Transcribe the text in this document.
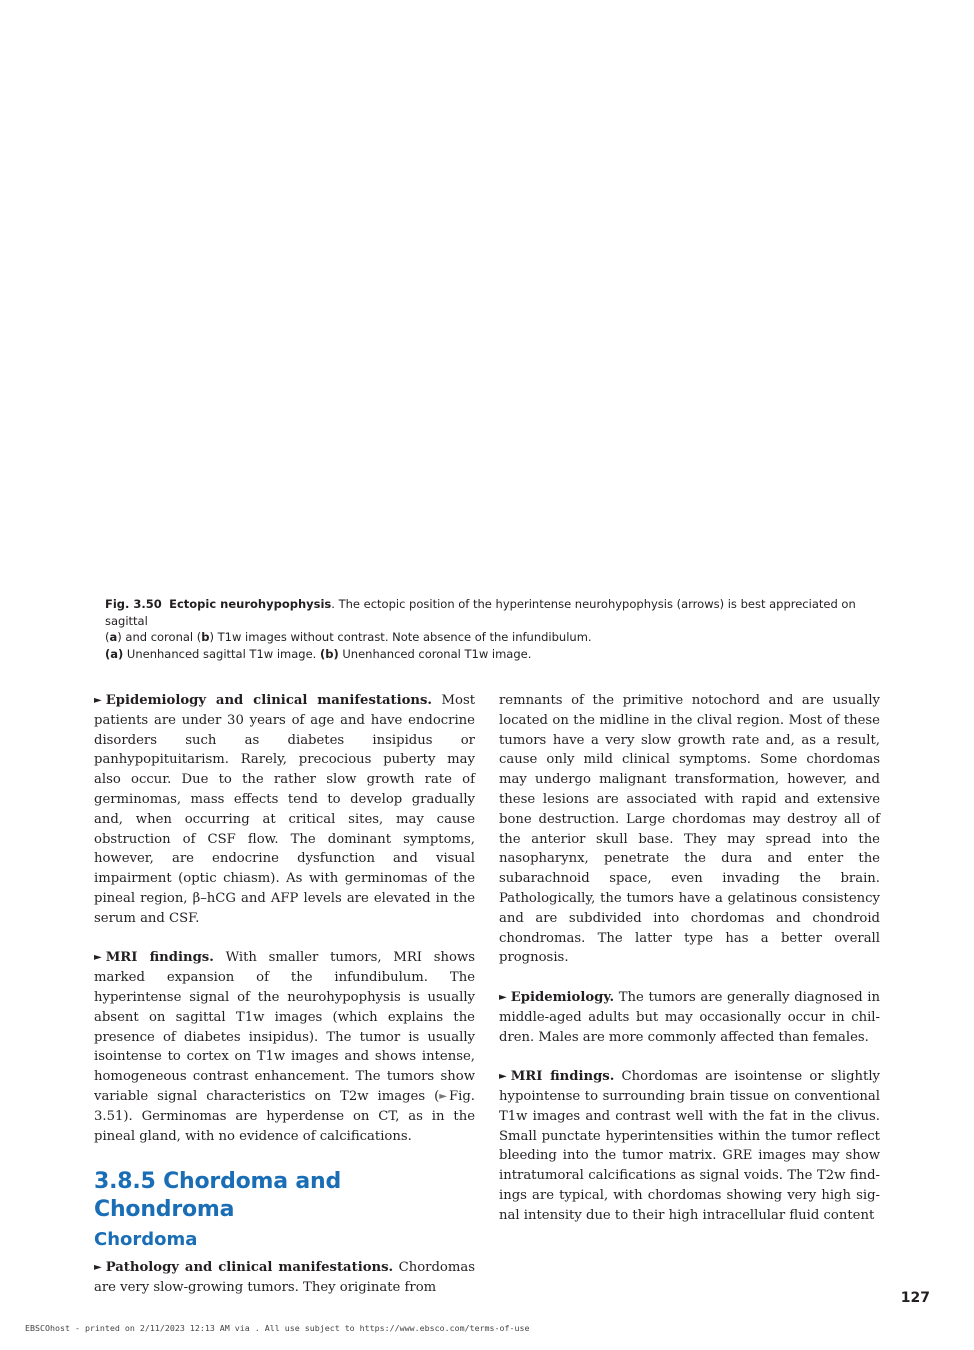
Fig. 3.50 Ectopic neurohypophysis. The ectopic position of the hyperintense neurohypophysis (arrows) is best appreciated on sagittal

(a) and coronal (b) T1w images without contrast. Note absence of the infundibulum.

(a) Unenhanced sagittal T1w image. (b) Unenhanced coronal T1w image.

► Epidemiology and clinical manifestations. Most patients are under 30 years of age and have endocrine disorders such as diabetes insipidus or panhypopituitarism. Rarely, precocious puberty may also occur. Due to the rather slow growth rate of germinomas, mass effects tend to develop gradually and, when occurring at critical sites, may cause obstruction of CSF flow. The dominant symptoms, however, are endocrine dysfunction and visual impairment (optic chiasm). As with germinomas of the pineal region, β–hCG and AFP levels are elevated in the serum and CSF.

► MRI findings. With smaller tumors, MRI shows marked expansion of the infundibulum. The hyperintense signal of the neurohypophysis is usually absent on sagittal T1w images (which explains the presence of diabetes insipidus). The tumor is usually isointense to cortex on T1w images and shows intense, homogeneous contrast enhancement. The tumors show variable signal characteristics on T2w images (► Fig. 3.51). Germinomas are hyperdense on CT, as in the pineal gland, with no evidence of calcifications.

3.8.5 Chordoma and Chondroma
Chordoma

► Pathology and clinical manifestations. Chordomas are very slow-growing tumors. They originate from

remnants of the primitive notochord and are usually located on the midline in the clival region. Most of these tumors have a very slow growth rate and, as a result, cause only mild clinical symptoms. Some chordomas may undergo malignant transformation, however, and these lesions are associated with rapid and extensive bone destruction. Large chordomas may destroy all of the anterior skull base. They may spread into the nasopharynx, penetrate the dura and enter the subarachnoid space, even invading the brain. Pathologically, the tumors have a gelatinous consistency and are subdivided into chordomas and chondroid chondromas. The latter type has a better overall prognosis.

► Epidemiology. The tumors are generally diagnosed in middle-aged adults but may occasionally occur in children. Males are more commonly affected than females.

► MRI findings. Chordomas are isointense or slightly hypointense to surrounding brain tissue on conventional T1w images and contrast well with the fat in the clivus. Small punctate hyperintensities within the tumor reflect bleeding into the tumor matrix. GRE images may show intratumoral calcifications as signal voids. The T2w findings are typical, with chordomas showing very high signal intensity due to their high intracellular fluid content

127
EBSCOhost - printed on 2/11/2023 12:13 AM via . All use subject to https://www.ebsco.com/terms-of-use
